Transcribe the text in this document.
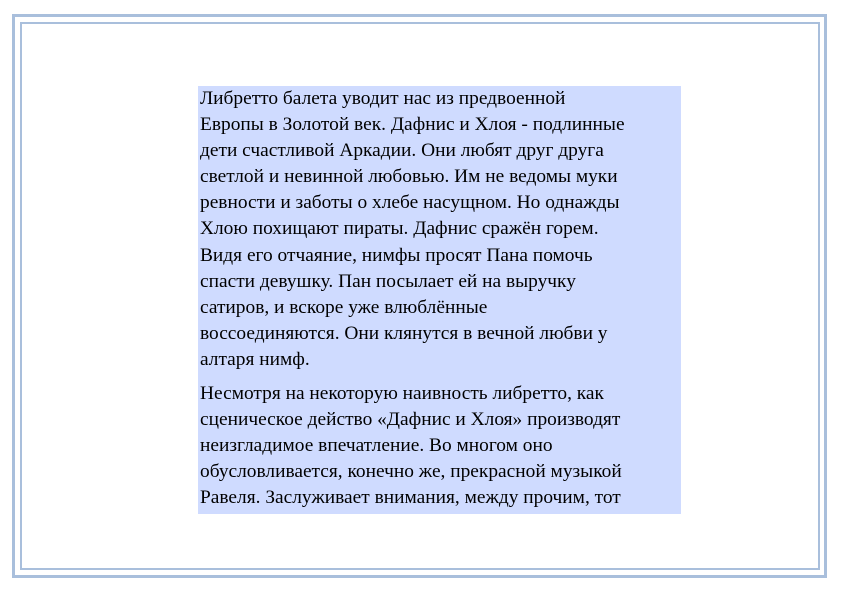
Либретто балета уводит нас из предвоенной
Европы в Золотой век. Дафнис и Хлоя - подлинные
дети счастливой Аркадии. Они любят друг друга
светлой и невинной любовью. Им не ведомы муки
ревности и заботы о хлебе насущном. Но однажды
Хлою похищают пираты. Дафнис сражён горем.
Видя его отчаяние, нимфы просят Пана помочь
спасти девушку. Пан посылает ей на выручку
сатиров, и вскоре уже влюблённые
воссоединяются. Они клянутся в вечной любви у
алтаря нимф.

Несмотря на некоторую наивность либретто, как
сценическое действо «Дафнис и Хлоя» производят
неизгладимое впечатление. Во многом оно
обусловливается, конечно же, прекрасной музыкой
Равеля. Заслуживает внимания, между прочим, тот
